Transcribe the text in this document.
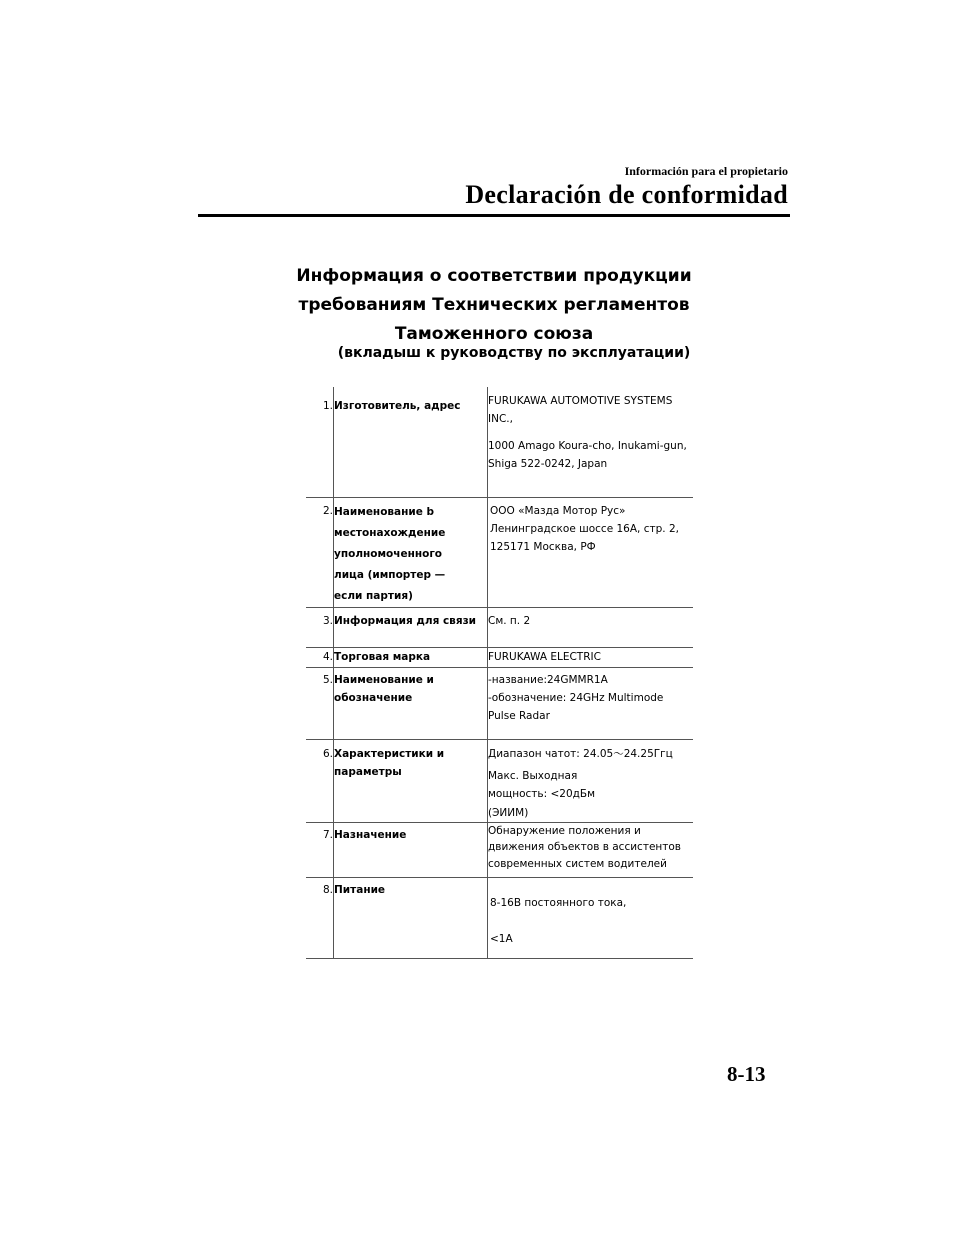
Información para el propietario
Declaración de conformidad
Информация о соответствии продукции
требованиям Технических регламентов
Таможенного союза
(вкладыш к руководству по эксплуатации)
1.	Изготовитель, адрес	FURUKAWA AUTOMOTIVE SYSTEMS INC.,
1000 Amago Koura-cho, Inukami-gun, Shiga 522-0242, Japan

2.	Наименование b местонахождение уполномоченного лица (импортер —если партия)	ООО «Мазда Мотор Рус»
Ленинградское шоссе 16А, стр. 2,
125171 Москва, РФ

3.	Информация для связи	См. п. 2
4.	Торговая марка	FURUKAWA ELECTRIC
5.	Наименование и обозначение	-название:24GMMR1A
-обозначение: 24GHz Multimode Pulse Radar

6.	Характеристики и параметры	Диапазон чатот: 24.05～24.25Ггц
Макс. Выходная мощность: <20дБм (ЭИИМ)

7.	Назначение	Обнаружение положения и движения объектов в ассистентов современных систем водителей
8.	Питание	8-16В постоянного тока,
<1А
8-13
